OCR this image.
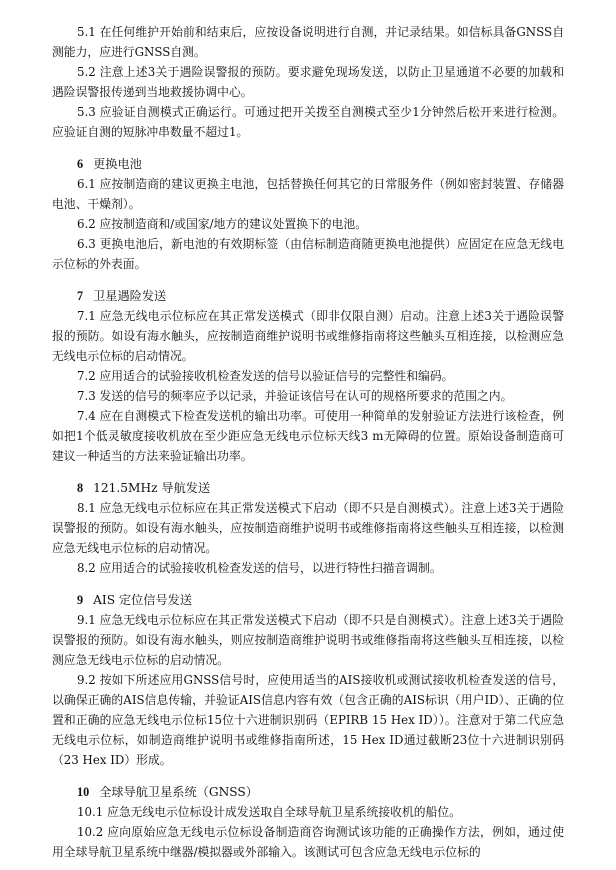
5.1 在任何维护开始前和结束后，应按设备说明进行自测，并记录结果。如信标具备GNSS自测能力，应进行GNSS自测。

5.2 注意上述3关于遇险误警报的预防。要求避免现场发送，以防止卫星通道不必要的加载和遇险误警报传递到当地救援协调中心。

5.3 应验证自测模式正确运行。可通过把开关拨至自测模式至少1分钟然后松开来进行检测。应验证自测的短脉冲串数量不超过1。

6 更换电池

6.1 应按制造商的建议更换主电池，包括替换任何其它的日常服务件（例如密封装置、存储器电池、干燥剂）。

6.2 应按制造商和/或国家/地方的建议处置换下的电池。

6.3 更换电池后，新电池的有效期标签（由信标制造商随更换电池提供）应固定在应急无线电示位标的外表面。

7 卫星遇险发送

7.1 应急无线电示位标应在其正常发送模式（即非仅限自测）启动。注意上述3关于遇险误警报的预防。如设有海水触头，应按制造商维护说明书或维修指南将这些触头互相连接，以检测应急无线电示位标的启动情况。

7.2 应用适合的试验接收机检查发送的信号以验证信号的完整性和编码。

7.3 发送的信号的频率应予以记录，并验证该信号在认可的规格所要求的范围之内。

7.4 应在自测模式下检查发送机的输出功率。可使用一种简单的发射验证方法进行该检查，例如把1个低灵敏度接收机放在至少距应急无线电示位标天线3 m无障碍的位置。原始设备制造商可建议一种适当的方法来验证输出功率。

8 121.5MHz 导航发送

8.1 应急无线电示位标应在其正常发送模式下启动（即不只是自测模式）。注意上述3关于遇险误警报的预防。如设有海水触头，应按制造商维护说明书或维修指南将这些触头互相连接，以检测应急无线电示位标的启动情况。

8.2 应用适合的试验接收机检查发送的信号，以进行特性扫描音调制。

9 AIS 定位信号发送

9.1 应急无线电示位标应在其正常发送模式下启动（即不只是自测模式）。注意上述3关于遇险误警报的预防。如设有海水触头，则应按制造商维护说明书或维修指南将这些触头互相连接，以检测应急无线电示位标的启动情况。

9.2 按如下所述应用GNSS信号时，应使用适当的AIS接收机或测试接收机检查发送的信号，以确保正确的AIS信息传输，并验证AIS信息内容有效（包含正确的AIS标识（用户ID）、正确的位置和正确的应急无线电示位标15位十六进制识别码（EPIRB 15 Hex ID））。注意对于第二代应急无线电示位标，如制造商维护说明书或维修指南所述，15 Hex ID通过截断23位十六进制识别码（23 Hex ID）形成。

10 全球导航卫星系统（GNSS）

10.1 应急无线电示位标设计成发送取自全球导航卫星系统接收机的船位。

10.2 应向原始应急无线电示位标设备制造商咨询测试该功能的正确操作方法，例如，通过使用全球导航卫星系统中继器/模拟器或外部输入。该测试可包含应急无线电示位标的
